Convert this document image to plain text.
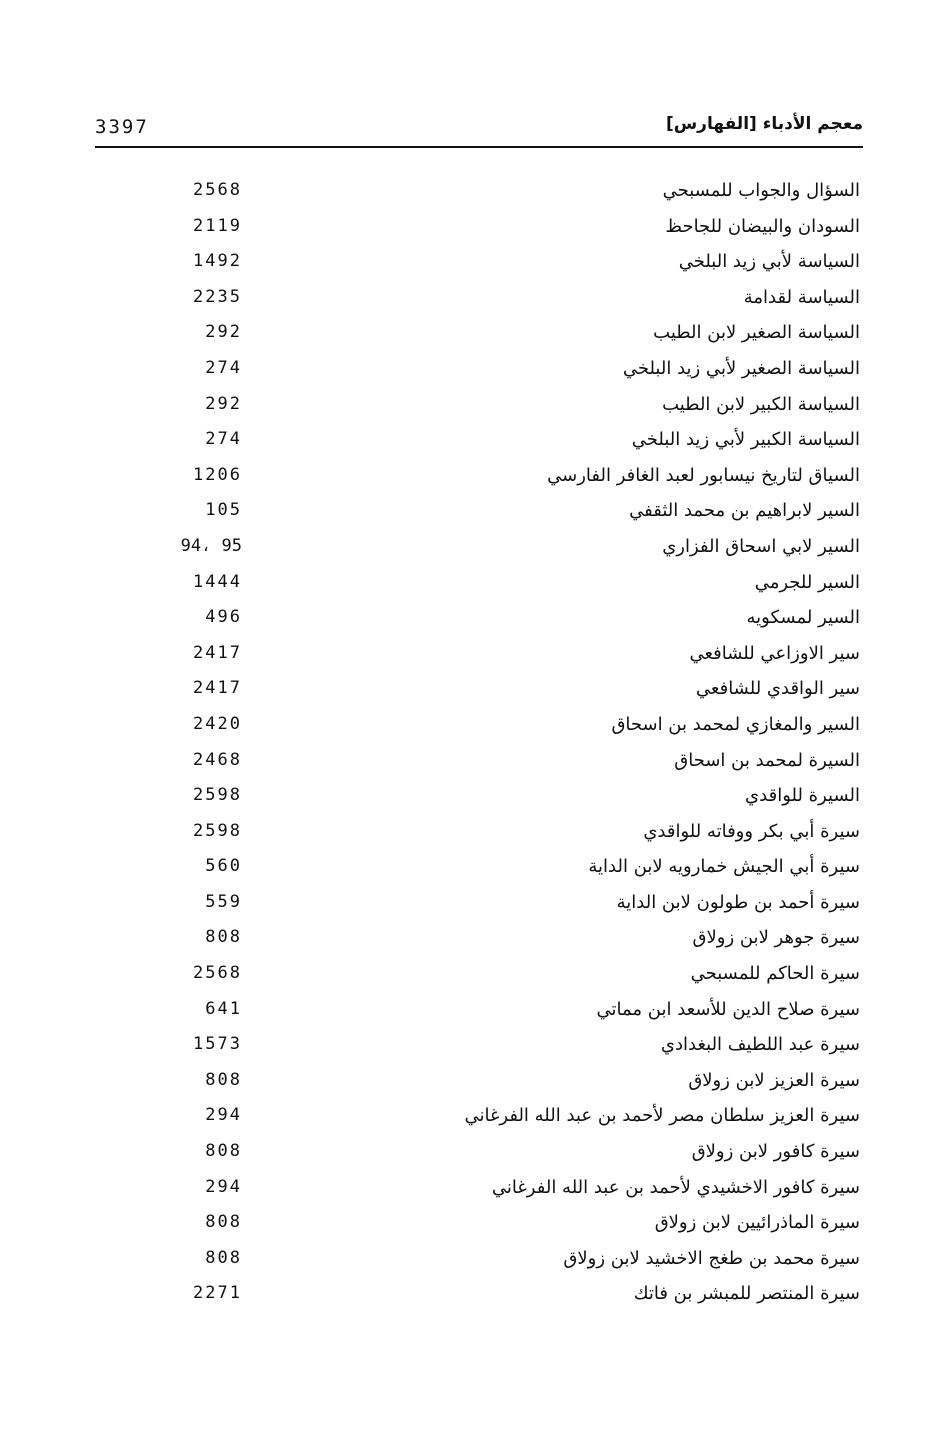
3397	معجم الأدباء [الفهارس]
السؤال والجواب للمسبحي
2568
السودان والبيضان للجاحظ
2119
السياسة لأبي زيد البلخي
1492
السياسة لقدامة
2235
السياسة الصغير لابن الطيب
292
السياسة الصغير لأبي زيد البلخي
274
السياسة الكبير لابن الطيب
292
السياسة الكبير لأبي زيد البلخي
274
السياق لتاريخ نيسابور لعبد الغافر الفارسي
1206
السير لابراهيم بن محمد الثقفي
105
السير لابي اسحاق الفزاري
94، 95
السير للجرمي
1444
السير لمسكويه
496
سير الاوزاعي للشافعي
2417
سير الواقدي للشافعي
2417
السير والمغازي لمحمد بن اسحاق
2420
السيرة لمحمد بن اسحاق
2468
السيرة للواقدي
2598
سيرة أبي بكر ووفاته للواقدي
2598
سيرة أبي الجيش خمارويه لابن الداية
560
سيرة أحمد بن طولون لابن الداية
559
سيرة جوهر لابن زولاق
808
سيرة الحاكم للمسبحي
2568
سيرة صلاح الدين للأسعد ابن مماتي
641
سيرة عبد اللطيف البغدادي
1573
سيرة العزيز لابن زولاق
808
سيرة العزيز سلطان مصر لأحمد بن عبد الله الفرغاني
294
سيرة كافور لابن زولاق
808
سيرة كافور الاخشيدي لأحمد بن عبد الله الفرغاني
294
سيرة الماذرائيين لابن زولاق
808
سيرة محمد بن طغج الاخشيد لابن زولاق
808
سيرة المنتصر للمبشر بن فاتك
2271
